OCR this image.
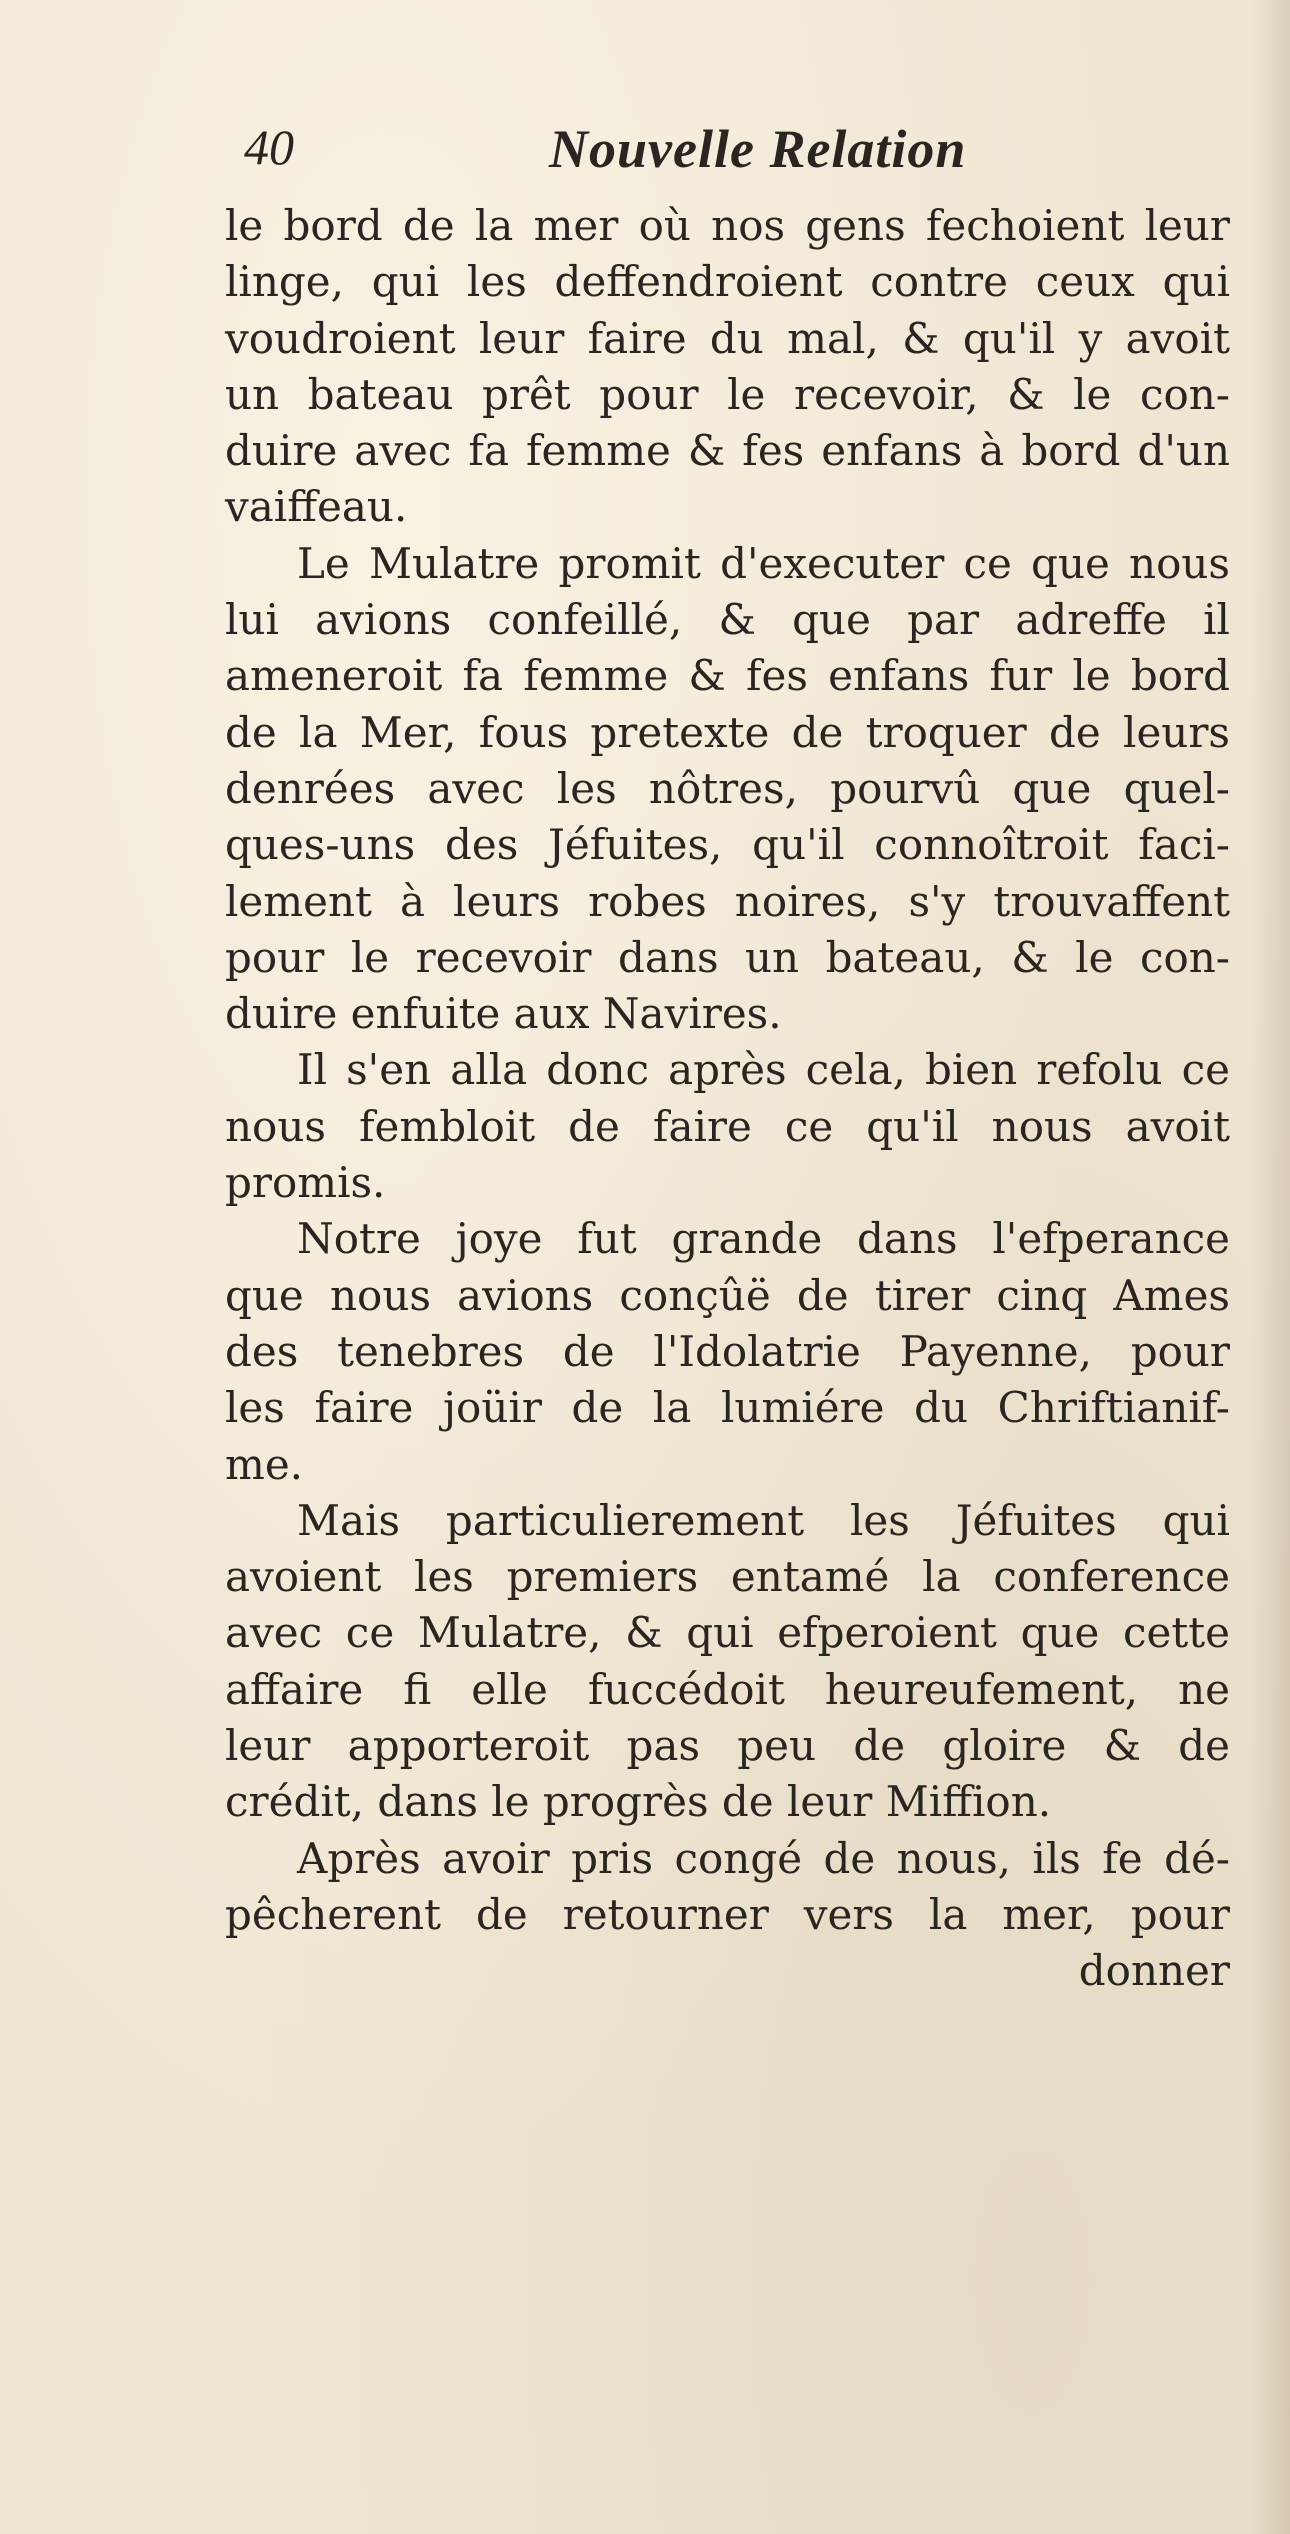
40	Nouvelle Relation
le bord de la mer où nos gens fechoient leur
linge, qui les deffendroient contre ceux qui
voudroient leur faire du mal, & qu'il y avoit
un bateau prêt pour le recevoir, & le con-
duire avec fa femme & fes enfans à bord d'un
vaiffeau.
Le Mulatre promit d'executer ce que nous
lui avions confeillé, & que par adreffe il
ameneroit fa femme & fes enfans fur le bord
de la Mer, fous pretexte de troquer de leurs
denrées avec les nôtres, pourvû que quel-
ques-uns des Jéfuites, qu'il connoîtroit faci-
lement à leurs robes noires, s'y trouvaffent
pour le recevoir dans un bateau, & le con-
duire enfuite aux Navires.
Il s'en alla donc après cela, bien refolu ce
nous fembloit de faire ce qu'il nous avoit
promis.
Notre joye fut grande dans l'efperance
que nous avions conçûë de tirer cinq Ames
des tenebres de l'Idolatrie Payenne, pour
les faire joüir de la lumiére du Chriftianif-
me.
Mais particulierement les Jéfuites qui
avoient les premiers entamé la conference
avec ce Mulatre, & qui efperoient que cette
affaire fi elle fuccédoit heureufement, ne
leur apporteroit pas peu de gloire & de
crédit, dans le progrès de leur Miffion.
Après avoir pris congé de nous, ils fe dé-
pêcherent de retourner vers la mer, pour
donner
